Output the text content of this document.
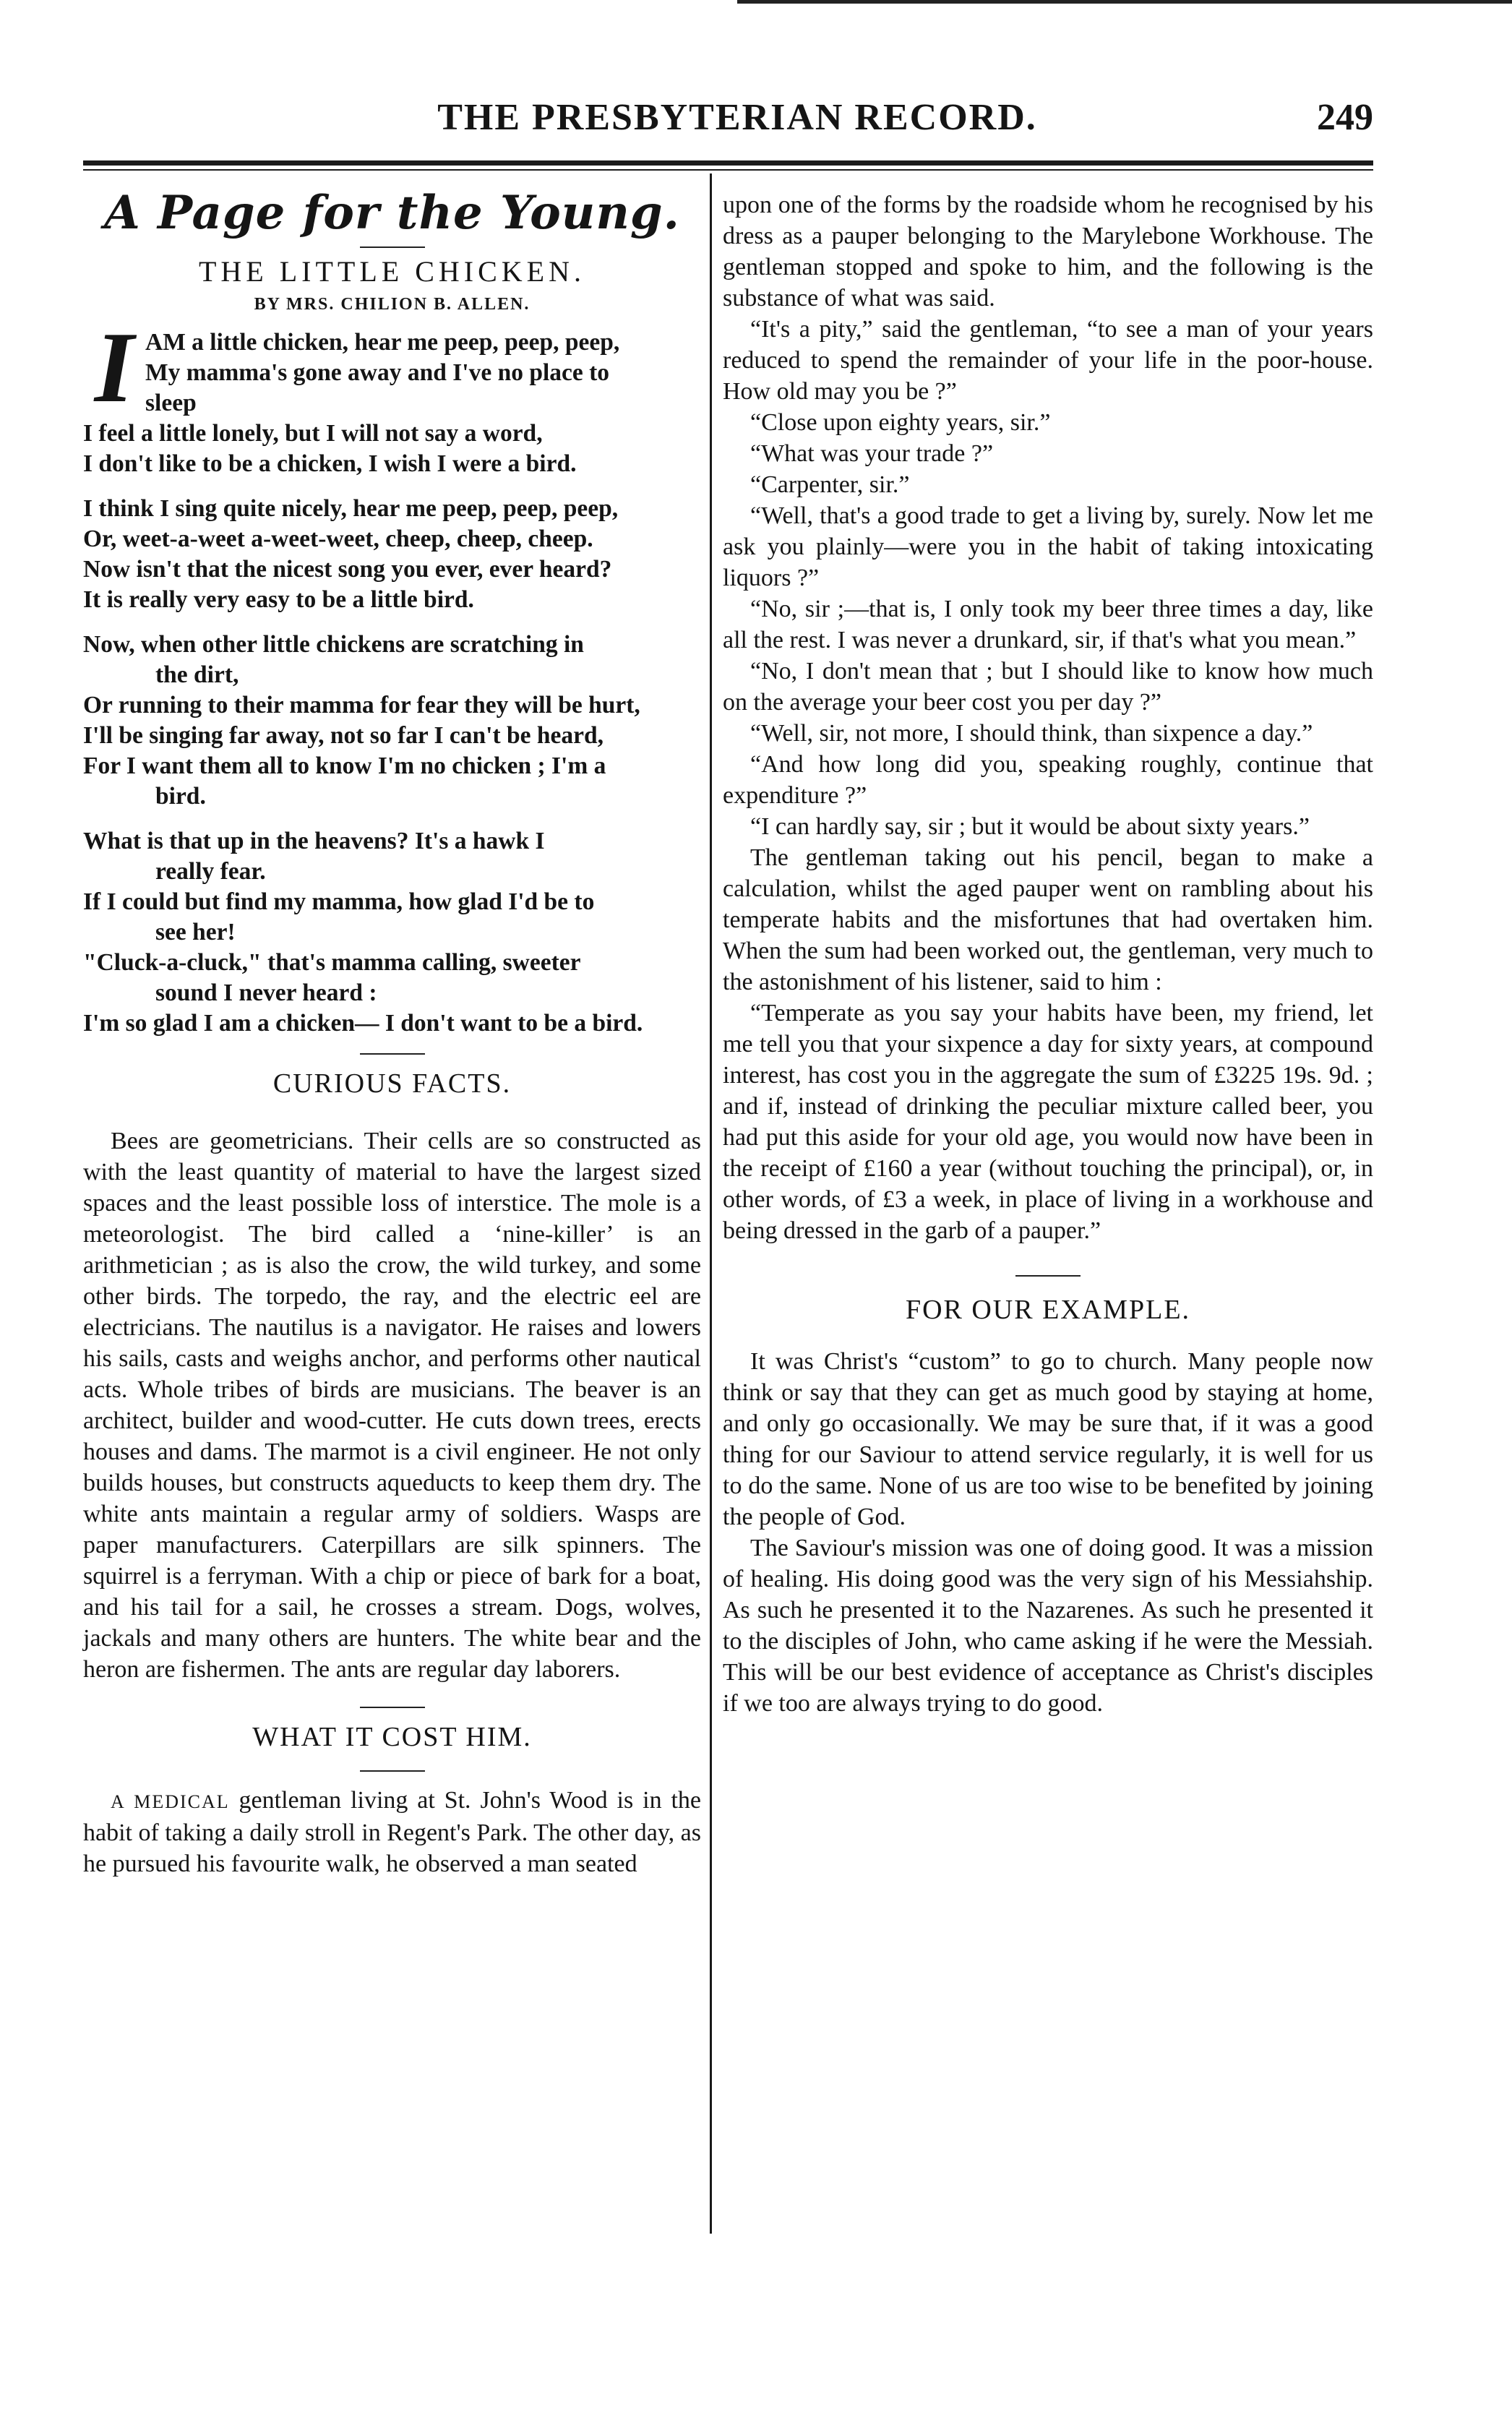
THE PRESBYTERIAN RECORD.	249
A Page for the Young.
THE LITTLE CHICKEN.
BY MRS. CHILION B. ALLEN.
I AM a little chicken, hear me peep, peep, peep,
My mamma's gone away and I've no place to
sleep
I feel a little lonely, but I will not say a word,
I don't like to be a chicken, I wish I were a bird.
I think I sing quite nicely, hear me peep, peep, peep,
Or, weet-a-weet a-weet-weet, cheep, cheep, cheep.
Now isn't that the nicest song you ever, ever heard?
It is really very easy to be a little bird.
Now, when other little chickens are scratching in
the dirt,
Or running to their mamma for fear they will be hurt,
I'll be singing far away, not so far I can't be heard,
For I want them all to know I'm no chicken ; I'm a
bird.
What is that up in the heavens? It's a hawk I
really fear.
If I could but find my mamma, how glad I'd be to
see her!
"Cluck-a-cluck," that's mamma calling, sweeter
sound I never heard :
I'm so glad I am a chicken— I don't want to be a bird.
CURIOUS FACTS.

Bees are geometricians. Their cells are so constructed as with the least quantity of material to have the largest sized spaces and the least possible loss of interstice. The mole is a meteorologist. The bird called a ‘nine-killer’ is an arithmetician ; as is also the crow, the wild turkey, and some other birds. The torpedo, the ray, and the electric eel are electricians. The nautilus is a navigator. He raises and lowers his sails, casts and weighs anchor, and performs other nautical acts. Whole tribes of birds are musicians. The beaver is an architect, builder and wood-cutter. He cuts down trees, erects houses and dams. The marmot is a civil engineer. He not only builds houses, but constructs aqueducts to keep them dry. The white ants maintain a regular army of soldiers. Wasps are paper manufacturers. Caterpillars are silk spinners. The squirrel is a ferryman. With a chip or piece of bark for a boat, and his tail for a sail, he crosses a stream. Dogs, wolves, jackals and many others are hunters. The white bear and the heron are fishermen. The ants are regular day laborers.

WHAT IT COST HIM.

A MEDICAL gentleman living at St. John's Wood is in the habit of taking a daily stroll in Regent's Park. The other day, as he pursued his favourite walk, he observed a man seated

upon one of the forms by the roadside whom he recognised by his dress as a pauper belonging to the Marylebone Workhouse. The gentleman stopped and spoke to him, and the following is the substance of what was said.

“It's a pity,” said the gentleman, “to see a man of your years reduced to spend the remainder of your life in the poor-house. How old may you be ?”

“Close upon eighty years, sir.”

“What was your trade ?”

“Carpenter, sir.”

“Well, that's a good trade to get a living by, surely. Now let me ask you plainly—were you in the habit of taking intoxicating liquors ?”

“No, sir ;—that is, I only took my beer three times a day, like all the rest. I was never a drunkard, sir, if that's what you mean.”

“No, I don't mean that ; but I should like to know how much on the average your beer cost you per day ?”

“Well, sir, not more, I should think, than sixpence a day.”

“And how long did you, speaking roughly, continue that expenditure ?”

“I can hardly say, sir ; but it would be about sixty years.”

The gentleman taking out his pencil, began to make a calculation, whilst the aged pauper went on rambling about his temperate habits and the misfortunes that had overtaken him. When the sum had been worked out, the gentleman, very much to the astonishment of his listener, said to him :

“Temperate as you say your habits have been, my friend, let me tell you that your sixpence a day for sixty years, at compound interest, has cost you in the aggregate the sum of £3225 19s. 9d. ; and if, instead of drinking the peculiar mixture called beer, you had put this aside for your old age, you would now have been in the receipt of £160 a year (without touching the principal), or, in other words, of £3 a week, in place of living in a workhouse and being dressed in the garb of a pauper.”

FOR OUR EXAMPLE.

It was Christ's “custom” to go to church. Many people now think or say that they can get as much good by staying at home, and only go occasionally. We may be sure that, if it was a good thing for our Saviour to attend service regularly, it is well for us to do the same. None of us are too wise to be benefited by joining the people of God.

The Saviour's mission was one of doing good. It was a mission of healing. His doing good was the very sign of his Messiahship. As such he presented it to the Nazarenes. As such he presented it to the disciples of John, who came asking if he were the Messiah. This will be our best evidence of acceptance as Christ's disciples if we too are always trying to do good.
